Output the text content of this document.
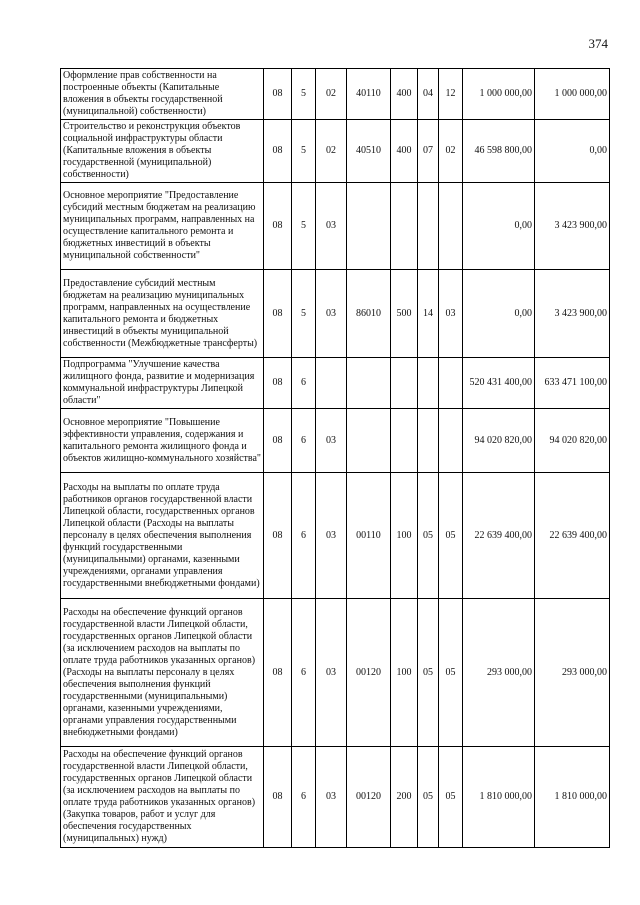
374
Оформление прав собственности на построенные объекты (Капитальные вложения в объекты государственной (муниципальной) собственности)	08	5	02	40110	400	04	12	1 000 000,00	1 000 000,00
Строительство и реконструкция объектов социальной инфраструктуры области (Капитальные вложения в объекты государственной (муниципальной) собственности)	08	5	02	40510	400	07	02	46 598 800,00	0,00
Основное мероприятие "Предоставление субсидий местным бюджетам на реализацию муниципальных программ, направленных на осуществление капитального ремонта и бюджетных инвестиций в объекты муниципальной собственности"	08	5	03					0,00	3 423 900,00
Предоставление субсидий местным бюджетам на реализацию муниципальных программ, направленных на осуществление капитального ремонта и бюджетных инвестиций в объекты муниципальной собственности (Межбюджетные трансферты)	08	5	03	86010	500	14	03	0,00	3 423 900,00
Подпрограмма "Улучшение качества жилищного фонда, развитие и модернизация коммунальной инфраструктуры Липецкой области"	08	6						520 431 400,00	633 471 100,00
Основное мероприятие "Повышение эффективности управления, содержания и капитального ремонта жилищного фонда и объектов жилищно-коммунального хозяйства"	08	6	03					94 020 820,00	94 020 820,00
Расходы на выплаты по оплате труда работников органов государственной власти Липецкой области, государственных органов Липецкой области (Расходы на выплаты персоналу в целях обеспечения выполнения функций государственными (муниципальными) органами, казенными учреждениями, органами управления государственными внебюджетными фондами)	08	6	03	00110	100	05	05	22 639 400,00	22 639 400,00
Расходы на обеспечение функций органов государственной власти Липецкой области, государственных органов Липецкой области (за исключением расходов на выплаты по оплате труда работников указанных органов) (Расходы на выплаты персоналу в целях обеспечения выполнения функций государственными (муниципальными) органами, казенными учреждениями, органами управления государственными внебюджетными фондами)	08	6	03	00120	100	05	05	293 000,00	293 000,00
Расходы на обеспечение функций органов государственной власти Липецкой области, государственных органов Липецкой области (за исключением расходов на выплаты по оплате труда работников указанных органов) (Закупка товаров, работ и услуг для обеспечения государственных (муниципальных) нужд)	08	6	03	00120	200	05	05	1 810 000,00	1 810 000,00
